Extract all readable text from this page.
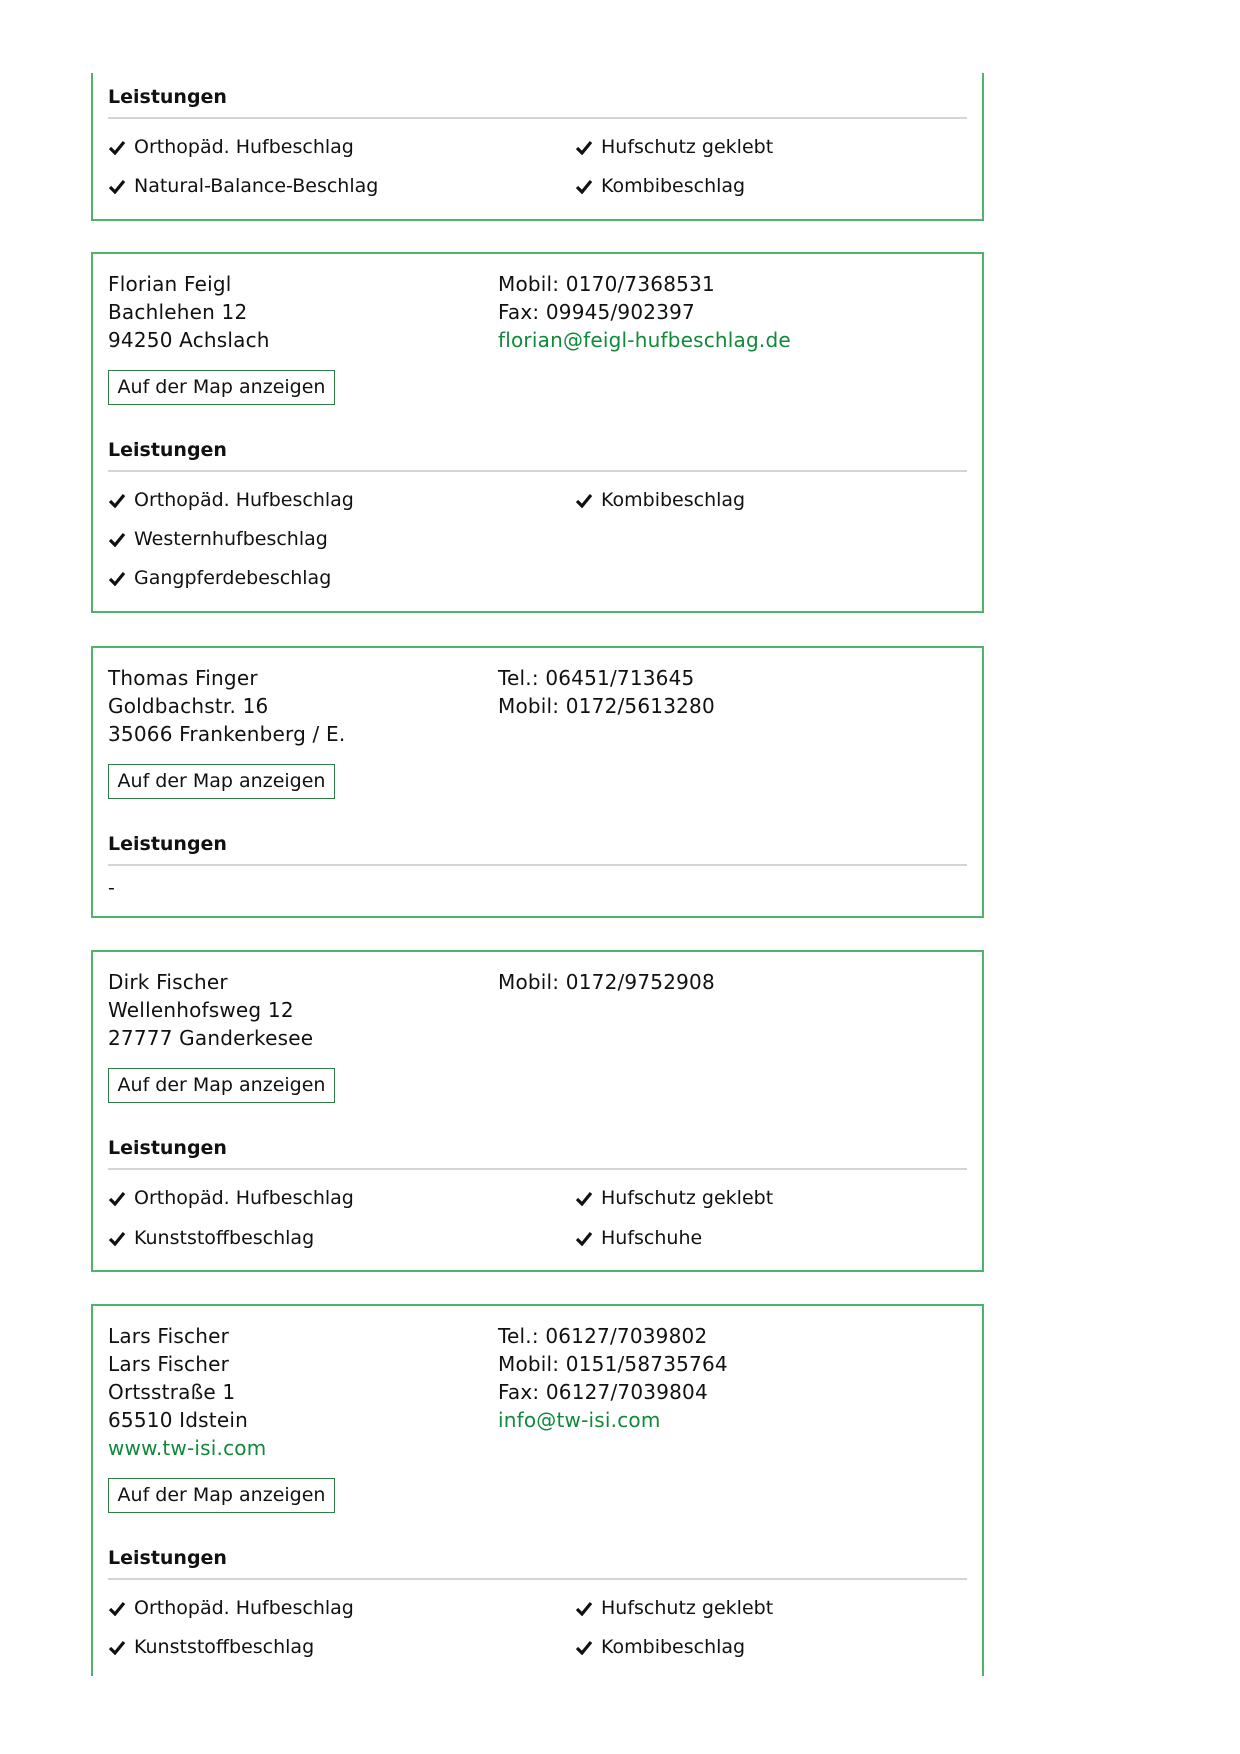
Leistungen
Orthopäd. Hufbeschlag
Natural-Balance-Beschlag
Hufschutz geklebt
Kombibeschlag
Florian Feigl
Bachlehen 12
94250 Achslach
Mobil: 0170/7368531
Fax: 09945/902397
florian@feigl-hufbeschlag.de
Auf der Map anzeigen
Leistungen
Orthopäd. Hufbeschlag
Westernhufbeschlag
Gangpferdebeschlag
Kombibeschlag
Thomas Finger
Goldbachstr. 16
35066 Frankenberg / E.
Tel.: 06451/713645
Mobil: 0172/5613280
Auf der Map anzeigen
Leistungen
-
Dirk Fischer
Wellenhofsweg 12
27777 Ganderkesee
Mobil: 0172/9752908
Auf der Map anzeigen
Leistungen
Orthopäd. Hufbeschlag
Kunststoffbeschlag
Hufschutz geklebt
Hufschuhe
Lars Fischer
Lars Fischer
Ortsstraße 1
65510 Idstein
www.tw-isi.com
Tel.: 06127/7039802
Mobil: 0151/58735764
Fax: 06127/7039804
info@tw-isi.com
Auf der Map anzeigen
Leistungen
Orthopäd. Hufbeschlag
Kunststoffbeschlag
Hufschutz geklebt
Kombibeschlag
